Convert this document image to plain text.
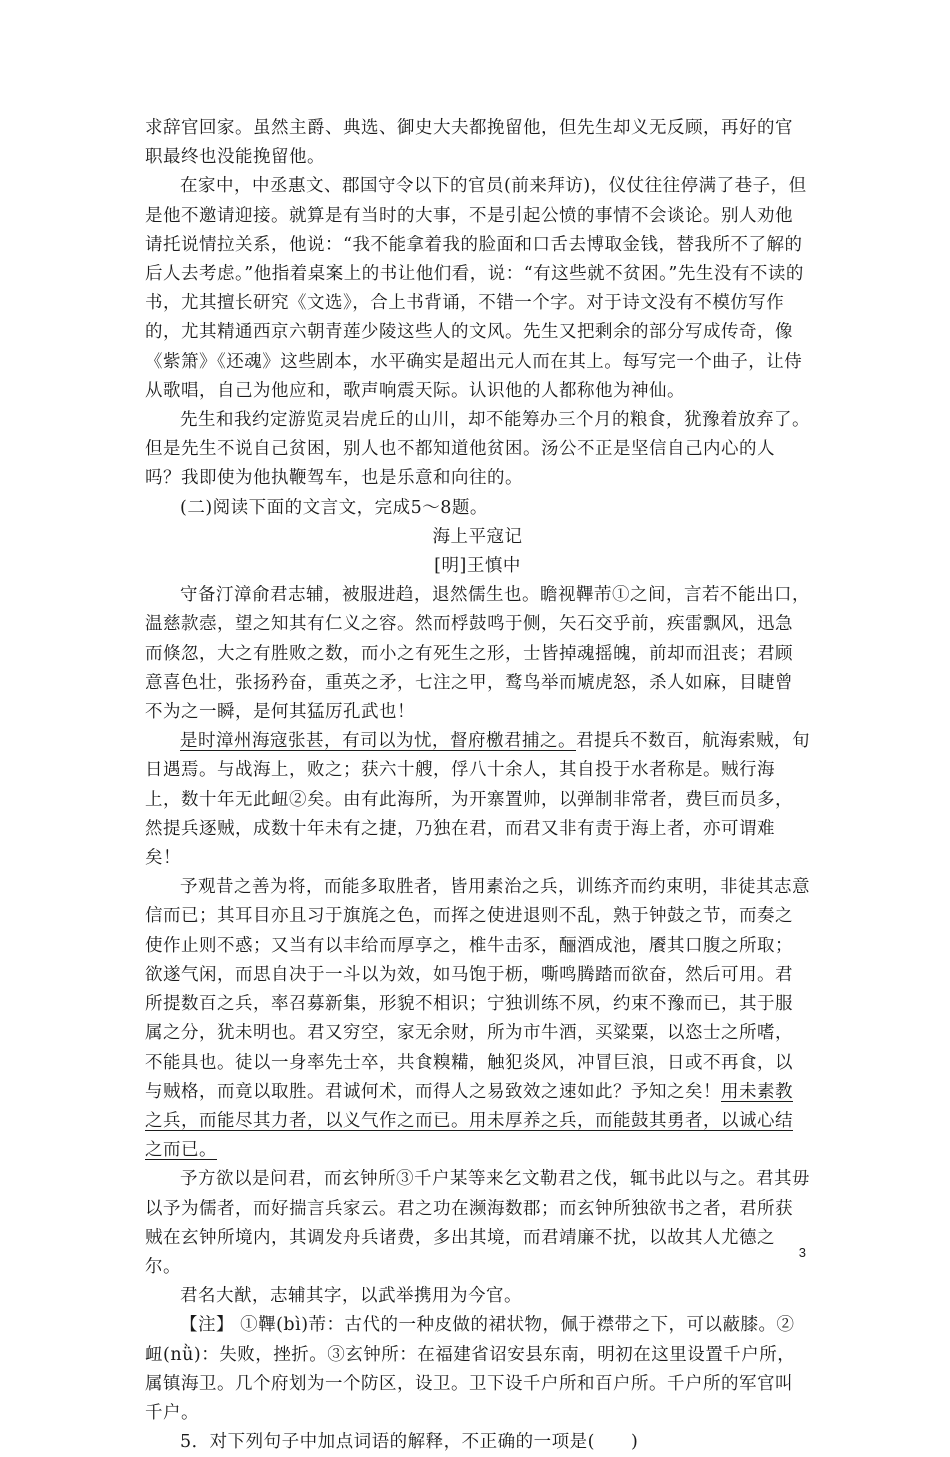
求辞官回家。虽然主爵、典选、御史大夫都挽留他，但先生却义无反顾，再好的官职最终也没能挽留他。

在家中，中丞惠文、郡国守令以下的官员(前来拜访)，仪仗往往停满了巷子，但是他不邀请迎接。就算是有当时的大事，不是引起公愤的事情不会谈论。别人劝他请托说情拉关系，他说：“我不能拿着我的脸面和口舌去博取金钱，替我所不了解的后人去考虑。”他指着桌案上的书让他们看，说：“有这些就不贫困。”先生没有不读的书，尤其擅长研究《文选》，合上书背诵，不错一个字。对于诗文没有不模仿写作的，尤其精通西京六朝青莲少陵这些人的文风。先生又把剩余的部分写成传奇，像《紫箫》《还魂》这些剧本，水平确实是超出元人而在其上。每写完一个曲子，让侍从歌唱，自己为他应和，歌声响震天际。认识他的人都称他为神仙。

先生和我约定游览灵岩虎丘的山川，却不能筹办三个月的粮食，犹豫着放弃了。但是先生不说自己贫困，别人也不都知道他贫困。汤公不正是坚信自己内心的人吗？我即使为他执鞭驾车，也是乐意和向往的。

(二)阅读下面的文言文，完成5～8题。

海上平寇记

[明]王慎中

守备汀漳俞君志辅，被服进趋，退然儒生也。瞻视鞸芾①之间，言若不能出口，温慈款悫，望之知其有仁义之容。然而桴鼓鸣于侧，矢石交乎前，疾雷飘风，迅急而倏忽，大之有胜败之数，而小之有死生之形，士皆掉魂摇魄，前却而沮丧；君顾意喜色壮，张扬矜奋，重英之矛，七注之甲，鹜鸟举而虓虎怒，杀人如麻，目睫曾不为之一瞬，是何其猛厉孔武也！

是时漳州海寇张甚，有司以为忧，督府檄君捕之。君提兵不数百，航海索贼，旬日遇焉。与战海上，败之；获六十艘，俘八十余人，其自投于水者称是。贼行海上，数十年无此衄②矣。由有此海所，为开寨置帅，以弹制非常者，费巨而员多，然提兵逐贼，成数十年未有之捷，乃独在君，而君又非有责于海上者，亦可谓难矣！

予观昔之善为将，而能多取胜者，皆用素治之兵，训练齐而约束明，非徒其志意信而已；其耳目亦且习于旗旄之色，而挥之使进退则不乱，熟于钟鼓之节，而奏之使作止则不惑；又当有以丰给而厚享之，椎牛击豕，酾酒成池，餍其口腹之所取；欲遂气闲，而思自决于一斗以为效，如马饱于枥，嘶鸣腾踏而欲奋，然后可用。君所提数百之兵，率召募新集，形貌不相识；宁独训练不夙，约束不豫而已，其于服属之分，犹未明也。君又穷空，家无余财，所为市牛酒，买粱粟，以恣士之所嗜，不能具也。徒以一身率先士卒，共食糗糒，触犯炎风，冲冒巨浪，日或不再食，以与贼格，而竟以取胜。君诚何术，而得人之易致效之速如此？予知之矣！用未素教之兵，而能尽其力者，以义气作之而已。用未厚养之兵，而能鼓其勇者，以诚心结之而已。

予方欲以是问君，而玄钟所③千户某等来乞文勒君之伐，辄书此以与之。君其毋以予为儒者，而好揣言兵家云。君之功在濒海数郡；而玄钟所独欲书之者，君所获贼在玄钟所境内，其调发舟兵诸费，多出其境，而君靖廉不扰，以故其人尤德之尔。

君名大猷，志辅其字，以武举携用为今官。

【注】 ①鞸(bì)芾：古代的一种皮做的裙状物，佩于襟带之下，可以蔽膝。②衄(nǜ)：失败，挫折。③玄钟所：在福建省诏安县东南，明初在这里设置千户所，属镇海卫。几个府划为一个防区，设卫。卫下设千户所和百户所。千户所的军官叫千户。

5．对下列句子中加点词语的解释，不正确的一项是(　　)

3
